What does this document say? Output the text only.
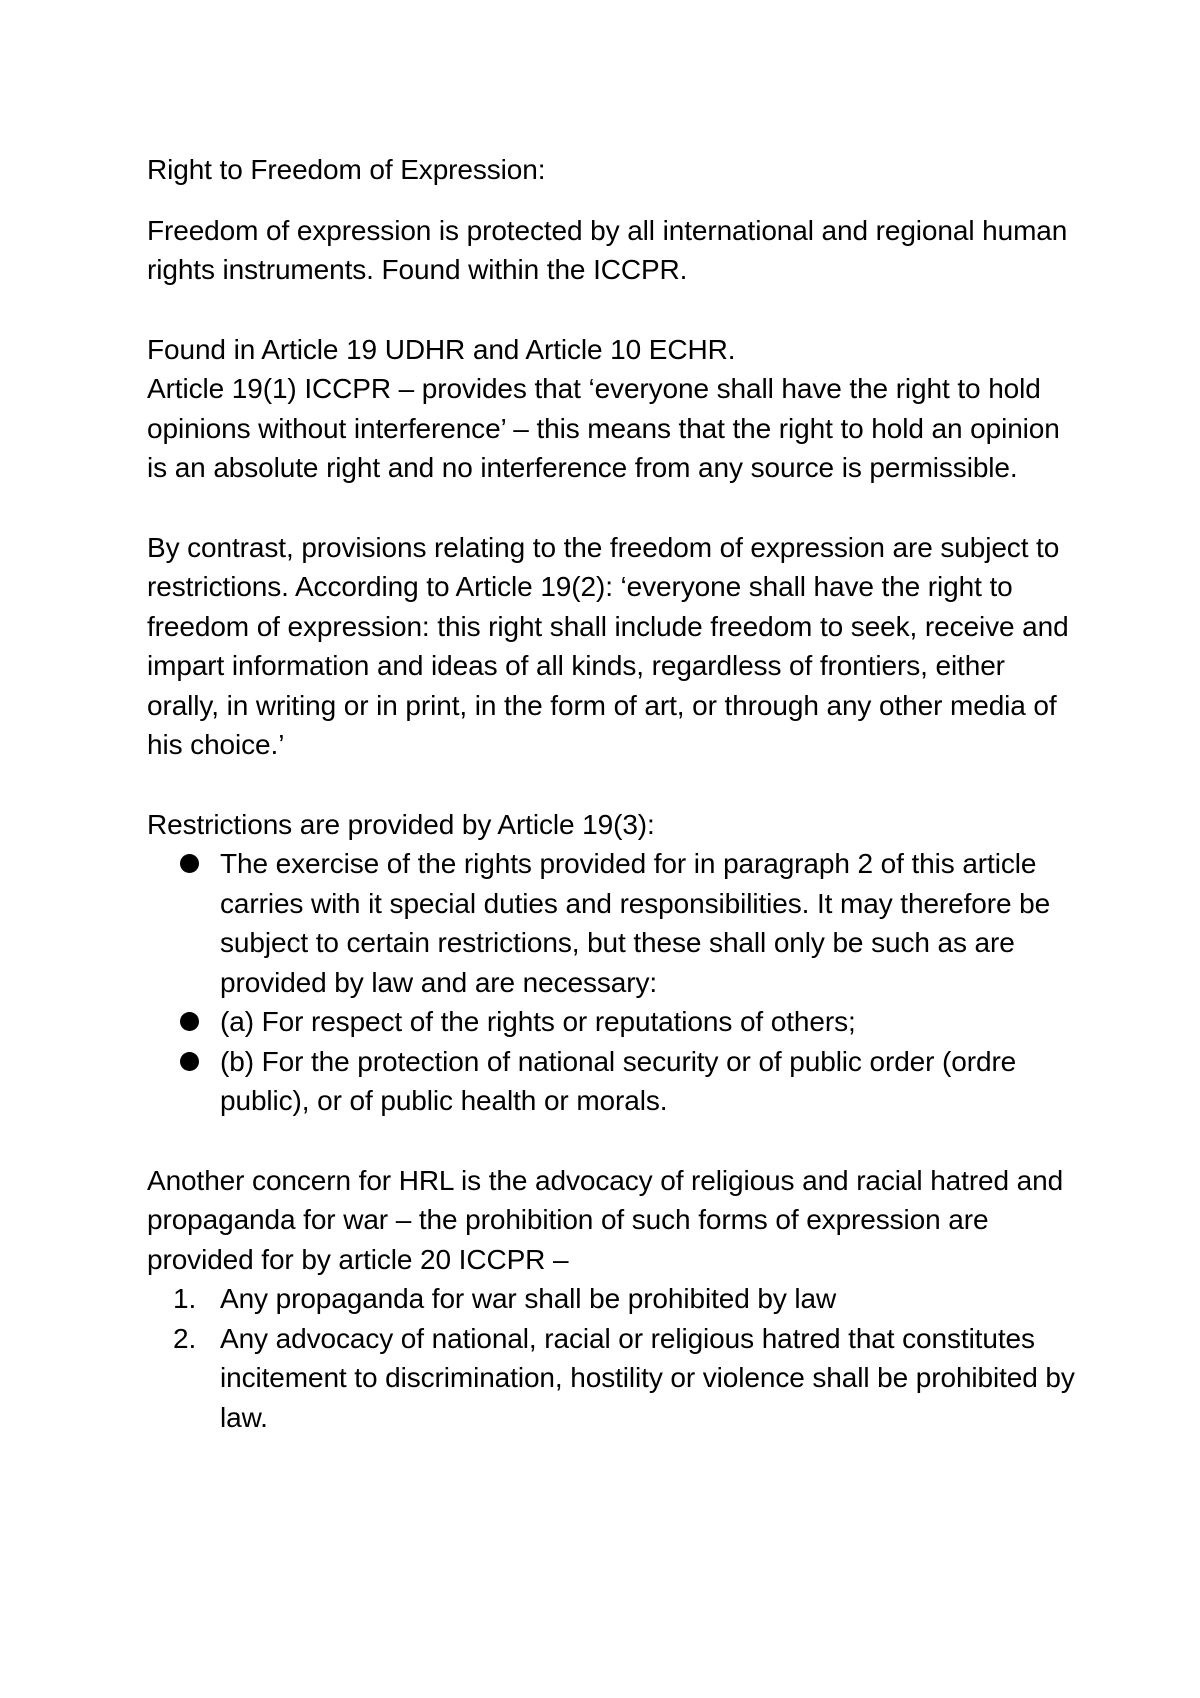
Right to Freedom of Expression:
Freedom of expression is protected by all international and regional human rights instruments. Found within the ICCPR.
Found in Article 19 UDHR and Article 10 ECHR.
Article 19(1) ICCPR – provides that ‘everyone shall have the right to hold opinions without interference’ – this means that the right to hold an opinion is an absolute right and no interference from any source is permissible.
By contrast, provisions relating to the freedom of expression are subject to restrictions. According to Article 19(2): ‘everyone shall have the right to freedom of expression: this right shall include freedom to seek, receive and impart information and ideas of all kinds, regardless of frontiers, either orally, in writing or in print, in the form of art, or through any other media of his choice.’
Restrictions are provided by Article 19(3):
The exercise of the rights provided for in paragraph 2 of this article carries with it special duties and responsibilities. It may therefore be subject to certain restrictions, but these shall only be such as are provided by law and are necessary:
(a) For respect of the rights or reputations of others;
(b) For the protection of national security or of public order (ordre public), or of public health or morals.
Another concern for HRL is the advocacy of religious and racial hatred and propaganda for war – the prohibition of such forms of expression are provided for by article 20 ICCPR –
1. Any propaganda for war shall be prohibited by law
2. Any advocacy of national, racial or religious hatred that constitutes incitement to discrimination, hostility or violence shall be prohibited by law.
